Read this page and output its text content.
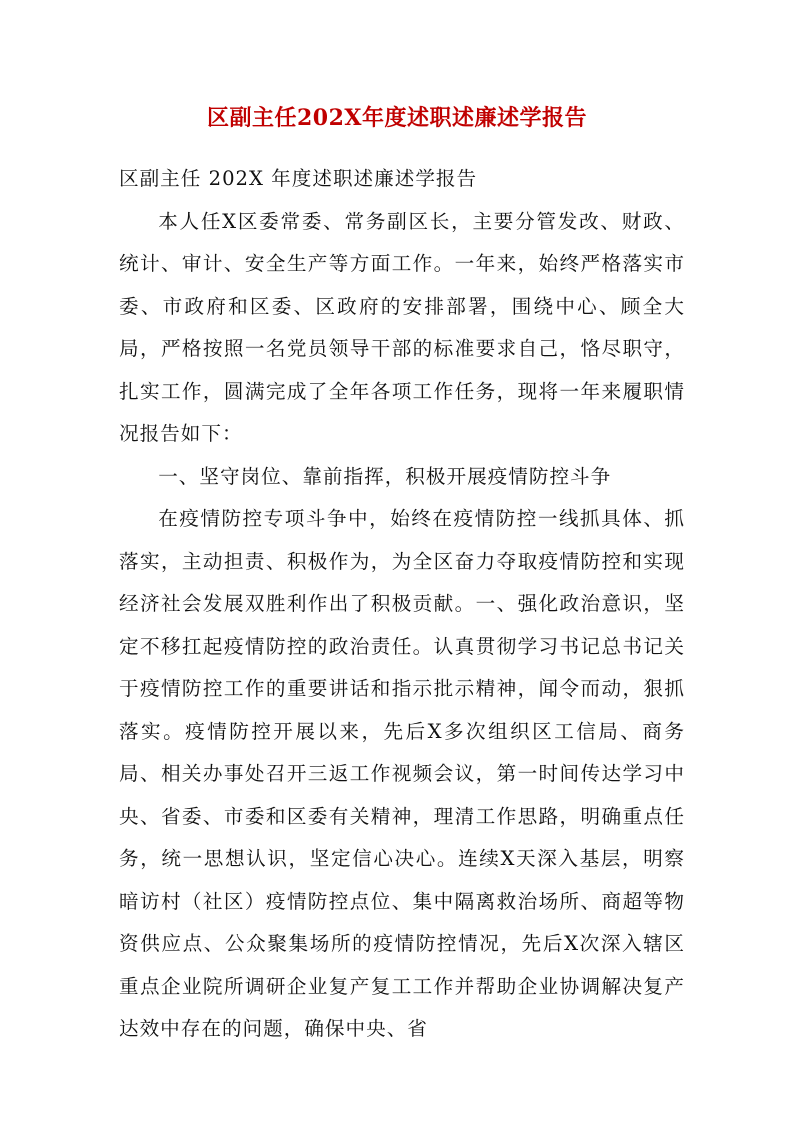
区副主任202X年度述职述廉述学报告

区副主任 202X 年度述职述廉述学报告

本人任X区委常委、常务副区长，主要分管发改、财政、统计、审计、安全生产等方面工作。一年来，始终严格落实市委、市政府和区委、区政府的安排部署，围绕中心、顾全大局，严格按照一名党员领导干部的标准要求自己，恪尽职守，扎实工作，圆满完成了全年各项工作任务，现将一年来履职情况报告如下：

一、坚守岗位、靠前指挥，积极开展疫情防控斗争

在疫情防控专项斗争中，始终在疫情防控一线抓具体、抓落实，主动担责、积极作为，为全区奋力夺取疫情防控和实现经济社会发展双胜利作出了积极贡献。一、强化政治意识，坚定不移扛起疫情防控的政治责任。认真贯彻学习书记总书记关于疫情防控工作的重要讲话和指示批示精神，闻令而动，狠抓落实。疫情防控开展以来，先后X多次组织区工信局、商务局、相关办事处召开三返工作视频会议，第一时间传达学习中央、省委、市委和区委有关精神，理清工作思路，明确重点任务，统一思想认识，坚定信心决心。连续X天深入基层，明察暗访村（社区）疫情防控点位、集中隔离救治场所、商超等物资供应点、公众聚集场所的疫情防控情况，先后X次深入辖区重点企业院所调研企业复产复工工作并帮助企业协调解决复产达效中存在的问题，确保中央、省
